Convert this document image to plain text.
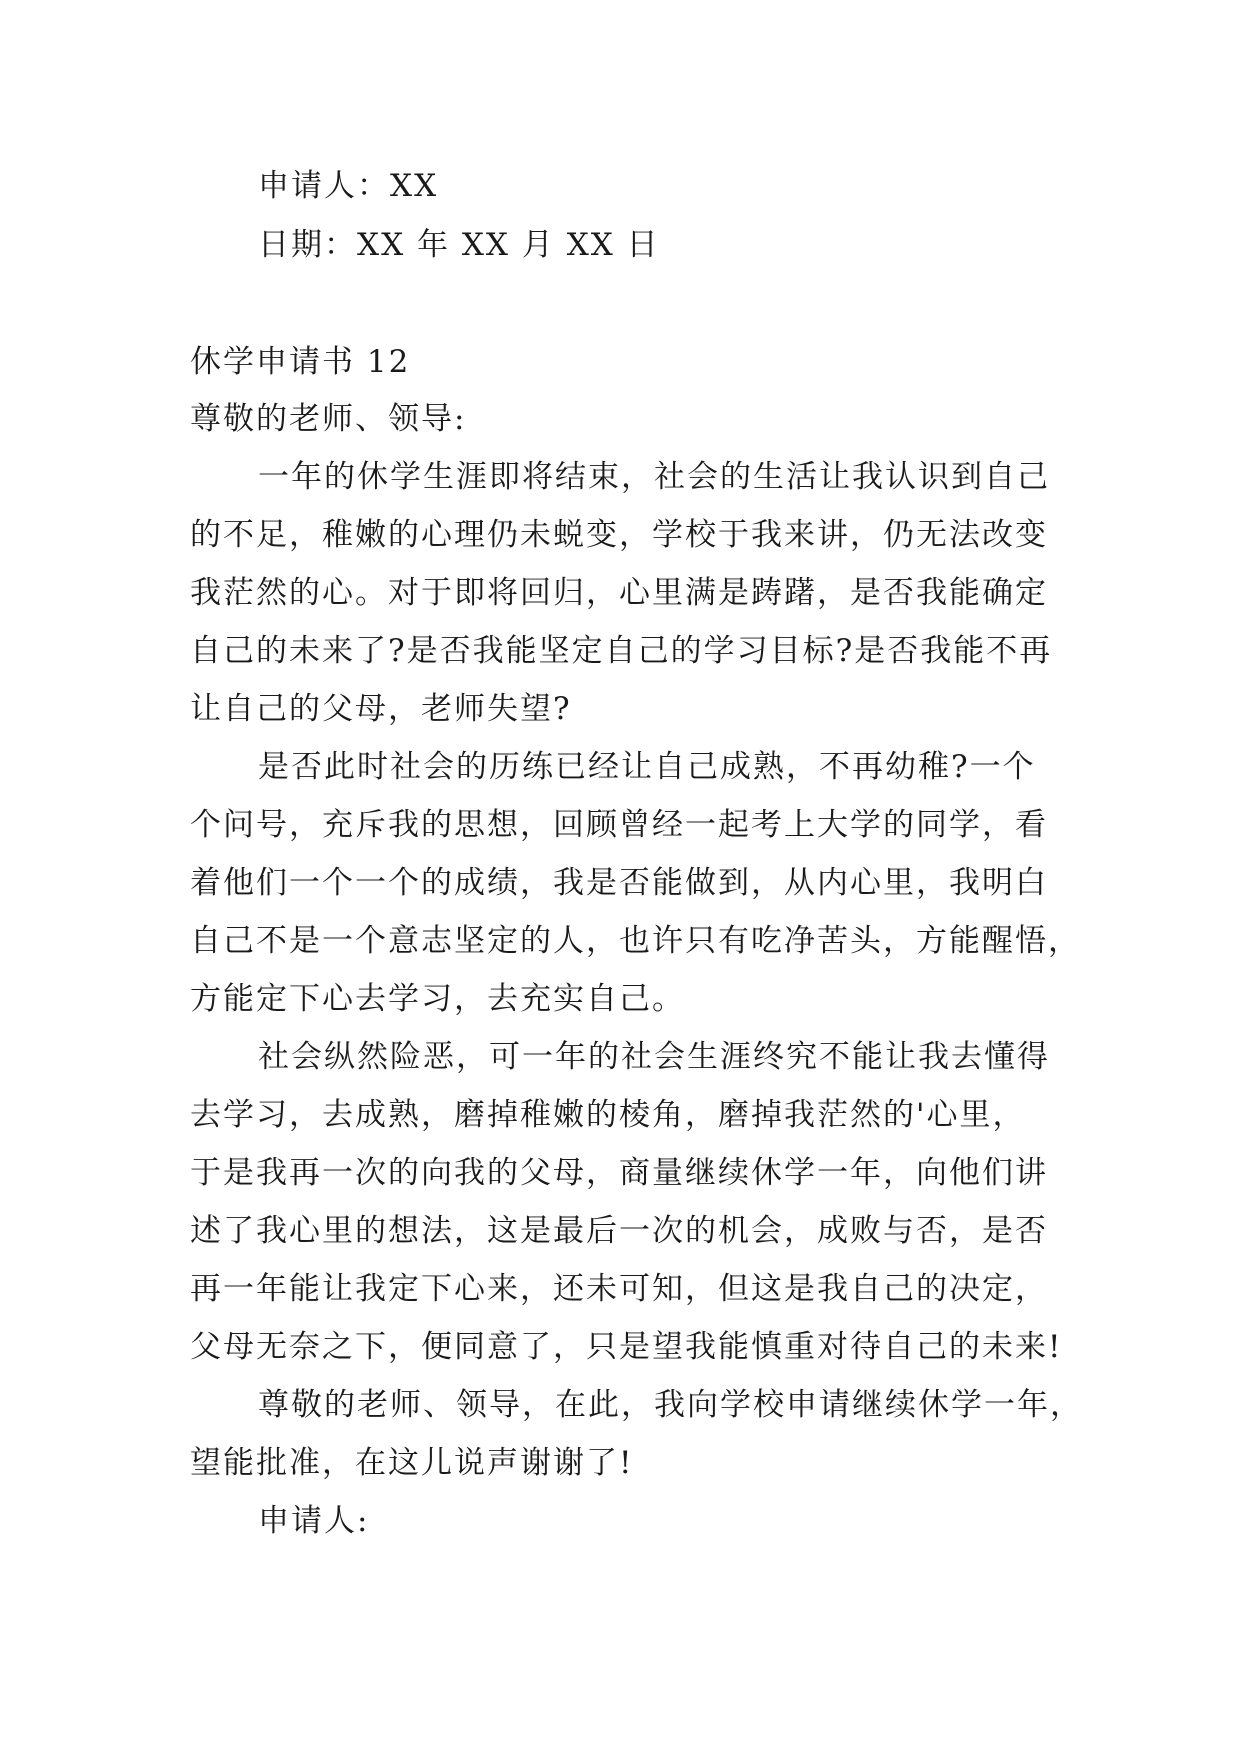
申请人：XX
日期：XX 年 XX 月 XX 日
休学申请书 12
尊敬的老师、领导:
一年的休学生涯即将结束，社会的生活让我认识到自己
的不足，稚嫩的心理仍未蜕变，学校于我来讲，仍无法改变
我茫然的心。对于即将回归，心里满是踌躇，是否我能确定
自己的未来了?是否我能坚定自己的学习目标?是否我能不再
让自己的父母，老师失望?
是否此时社会的历练已经让自己成熟，不再幼稚?一个
个问号，充斥我的思想，回顾曾经一起考上大学的同学，看
着他们一个一个的成绩，我是否能做到，从内心里，我明白
自己不是一个意志坚定的人，也许只有吃净苦头，方能醒悟，
方能定下心去学习，去充实自己。
社会纵然险恶，可一年的社会生涯终究不能让我去懂得
去学习，去成熟，磨掉稚嫩的棱角，磨掉我茫然的'心里，
于是我再一次的向我的父母，商量继续休学一年，向他们讲
述了我心里的想法，这是最后一次的机会，成败与否，是否
再一年能让我定下心来，还未可知，但这是我自己的决定，
父母无奈之下，便同意了，只是望我能慎重对待自己的未来!
尊敬的老师、领导，在此，我向学校申请继续休学一年，
望能批准，在这儿说声谢谢了!
申请人:
